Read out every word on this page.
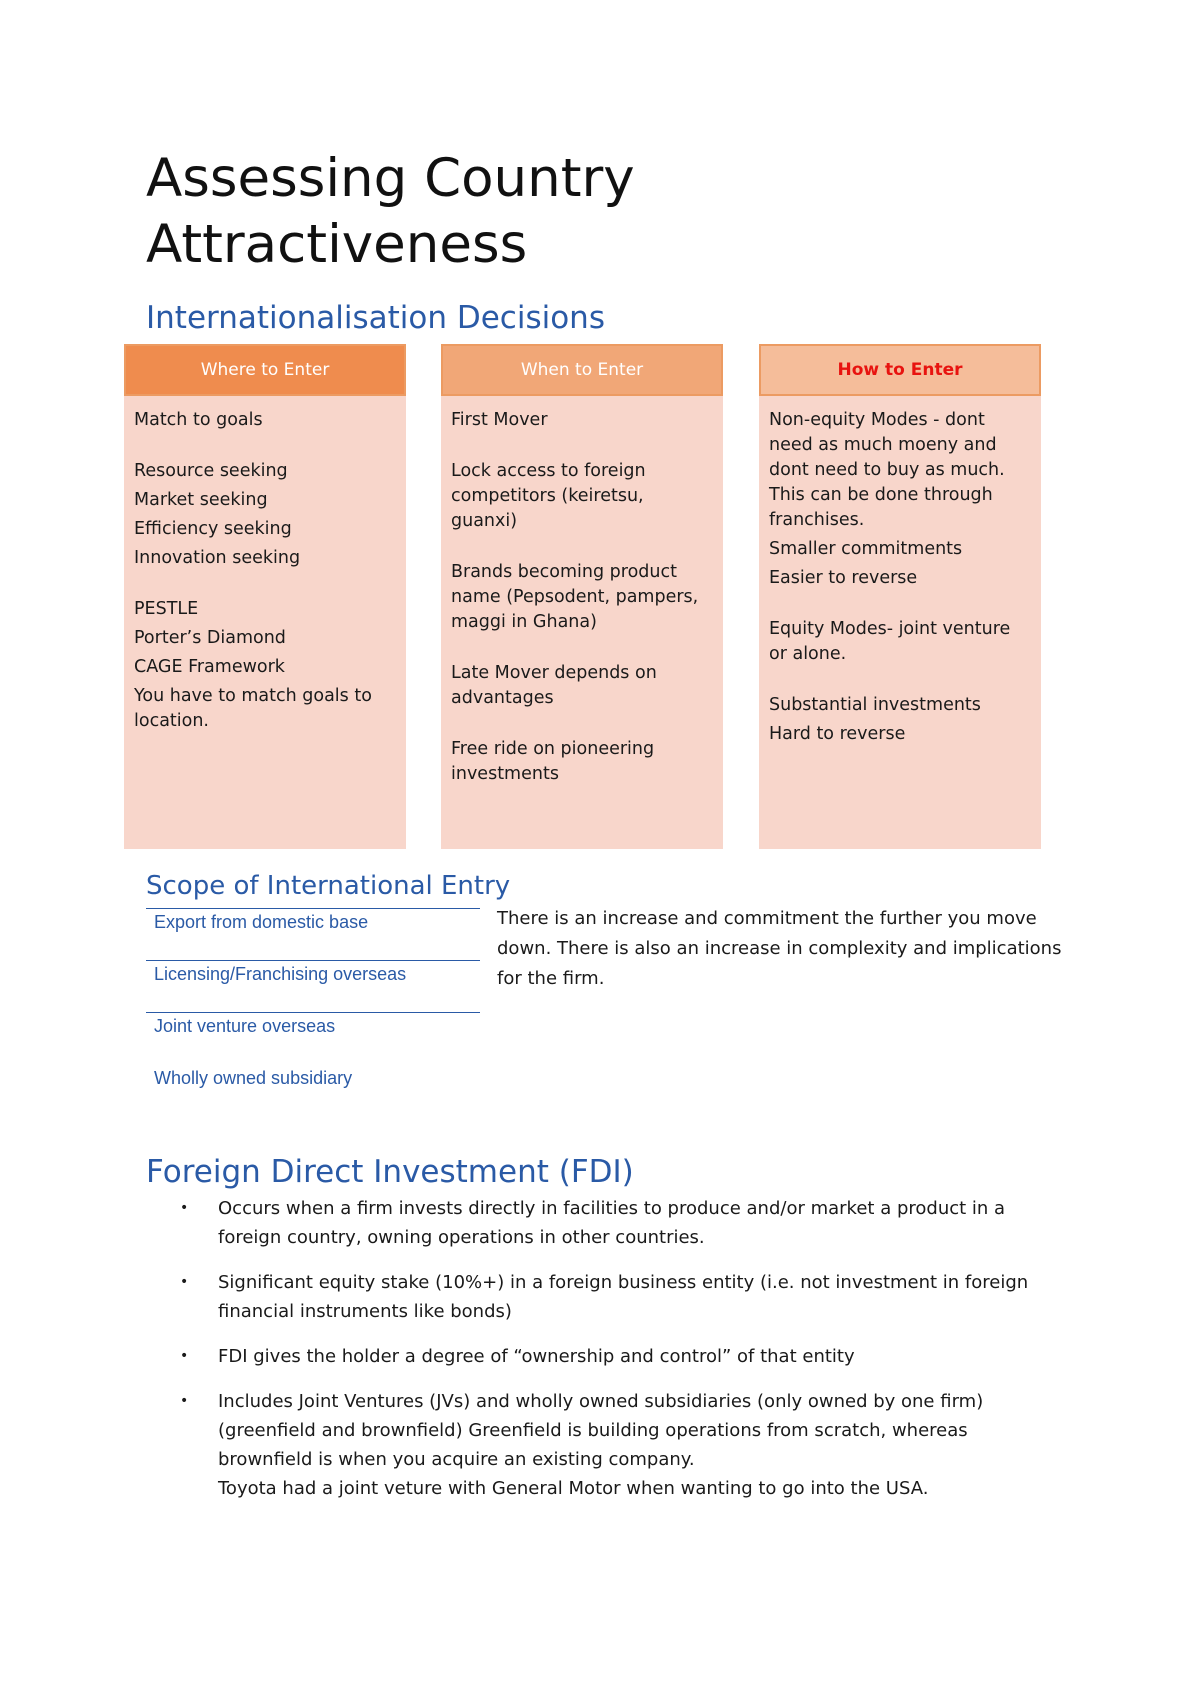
Assessing Country
Attractiveness
Internationalisation Decisions
Where to Enter

Match to goals

Resource seeking

Market seeking

Efficiency seeking

Innovation seeking

PESTLE

Porter’s Diamond

CAGE Framework

You have to match goals to location.

When to Enter

First Mover

Lock access to foreign competitors (keiretsu, guanxi)

Brands becoming product name (Pepsodent, pampers, maggi in Ghana)

Late Mover depends on advantages

Free ride on pioneering investments

How to Enter

Non-equity Modes - dont need as much moeny and dont need to buy as much. This can be done through franchises.

Smaller commitments

Easier to reverse

Equity Modes- joint venture or alone.

Substantial investments

Hard to reverse

Scope of International Entry
Export from domestic base
Licensing/Franchising overseas
Joint venture overseas
Wholly owned subsidiary
There is an increase and commitment the further you move down. There is also an increase in complexity and implications for the firm.
Foreign Direct Investment (FDI)
• Occurs when a firm invests directly in facilities to produce and/or market a product in a foreign country, owning operations in other countries.
• Significant equity stake (10%+) in a foreign business entity (i.e. not investment in foreign financial instruments like bonds)
• FDI gives the holder a degree of “ownership and control” of that entity
• Includes Joint Ventures (JVs) and wholly owned subsidiaries (only owned by one firm) (greenfield and brownfield) Greenfield is building operations from scratch, whereas brownfield is when you acquire an existing company.
Toyota had a joint veture with General Motor when wanting to go into the USA.
